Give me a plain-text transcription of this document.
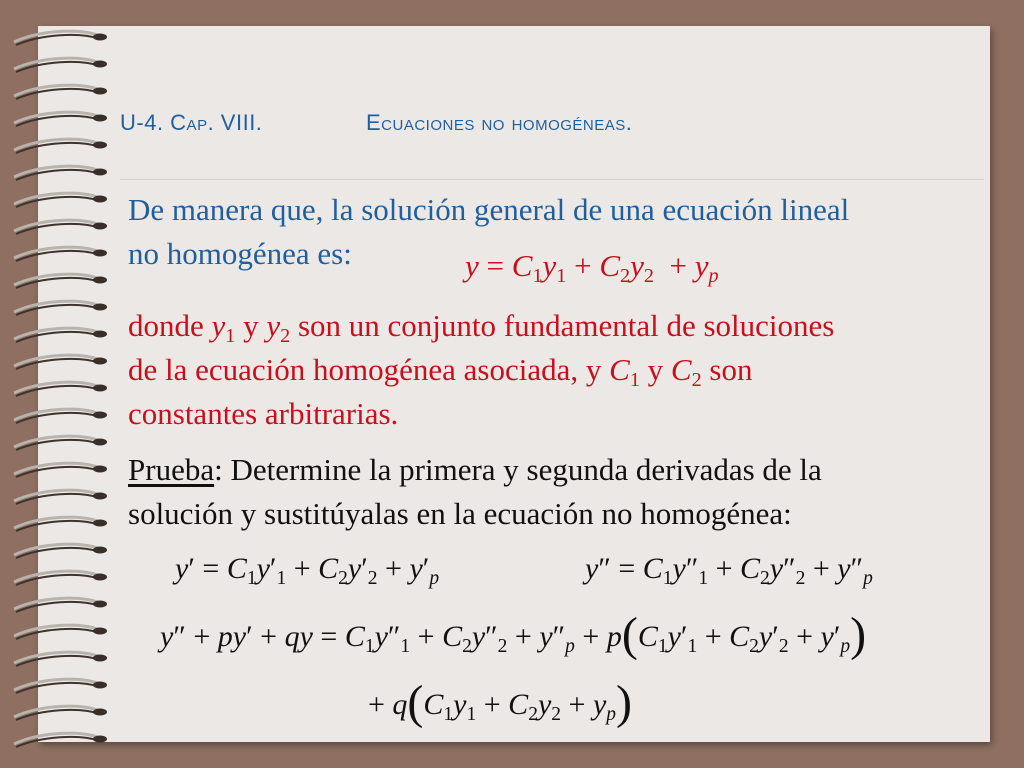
U-4. Cap. VIII.	Ecuaciones no homogéneas.
De manera que, la solución general de una ecuación lineal
no homogénea es:	$y = C_1y_1 + C_2y_2 + y_p$
donde $y_1$ y $y_2$ son un conjunto fundamental de soluciones
de la ecuación homogénea asociada, y $C_1$ y $C_2$ son
constantes arbitrarias.
Prueba: Determine la primera y segunda derivadas de la
solución y sustitúyalas en la ecuación no homogénea:
$y' = C_1y'_1 + C_2y'_2 + y'_p$	$y'' = C_1y''_1 + C_2y''_2 + y''_p$
y″ + py′ + qy = $C_1y''_1 + C_2y''_2 + y''_p + p(C_1y'_1 + C_2y'_2 + y'_p)$
+ $q(C_1y_1 + C_2y_2 + y_p)$
